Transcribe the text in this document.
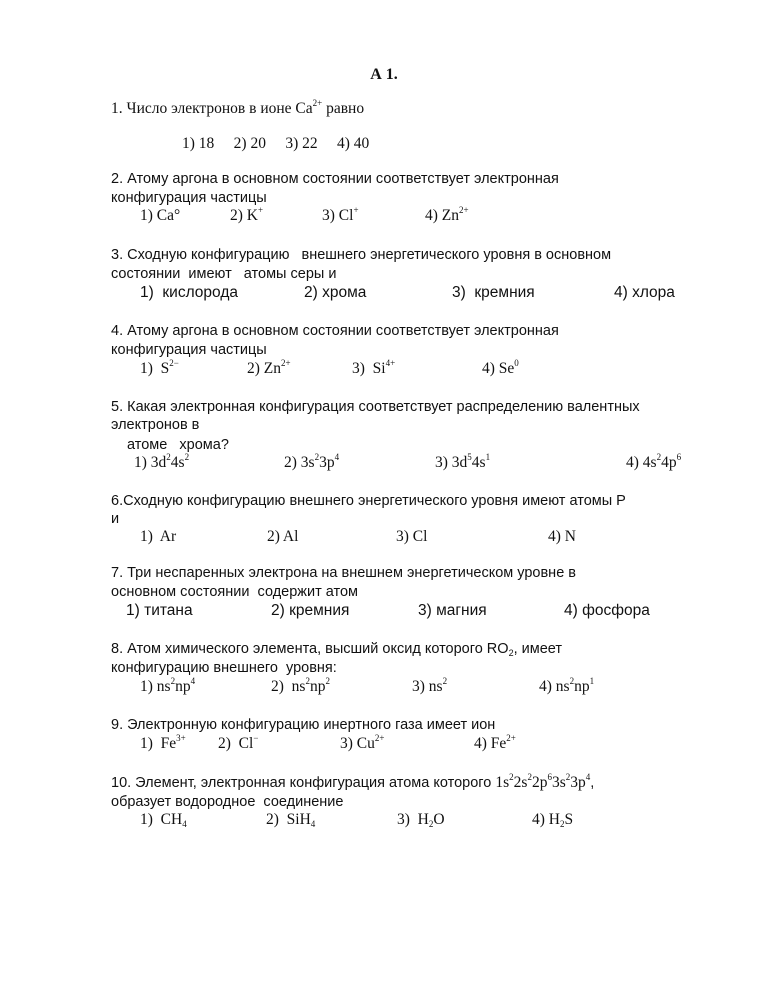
А 1.
1. Число электронов в ионе $Ca^{2+}$ равно
1) 18     2) 20     3) 22     4) 40
2. Атому аргона в основном состоянии соответствует электронная
конфигурация частицы
1) Ca°	2) K+	3) Cl+	4) $Zn^{2+}$
3. Сходную конфигурацию   внешнего энергетического уровня в основном
состоянии  имеют   атомы серы и
1)  кислорода	2) хрома	3)  кремния	4) хлора
4. Атому аргона в основном состоянии соответствует электронная
конфигурация частицы
1)  $S^{2-}$	2) $Zn^{2+}$	3)  $Si^{4+}$	4) Se$^0$
5. Какая электронная конфигурация соответствует распределению валентных
электронов в
атоме   хрома?
1) $3d^24s^2$	2) $3s^23p^4$	3) $3d^54s^1$	4) $4s^24p^6$
6.Сходную конфигурацию внешнего энергетического уровня имеют атомы Р
и
1)  Ar	2) Al	3) Cl	4) N
7. Три неспаренных электрона на внешнем энергетическом уровне в
основном состоянии  содержит атом
1) титана	2) кремния	3) магния	4) фосфора
8. Атом химического элемента, высший оксид которого $RO_2$, имеет
конфигурацию внешнего  уровня:
1) $ns^2np^4$	2)  $ns^2np^2$	3) $ns^2$	4) $ns^2np^1$
9. Электронную конфигурацию инертного газа имеет ион
1)  $Fe^{3+}$ 2)  Cl−	3) $Cu^{2+}$	4) $Fe^{2+}$
10. Элемент, электронная конфигурация атома которого $1s^22s^22p^63s^23p^4$,
образует водородное  соединение
1)  $CH_4$	2)  SiH$_4$	3)  $H_2O$	4) $H_2S$
